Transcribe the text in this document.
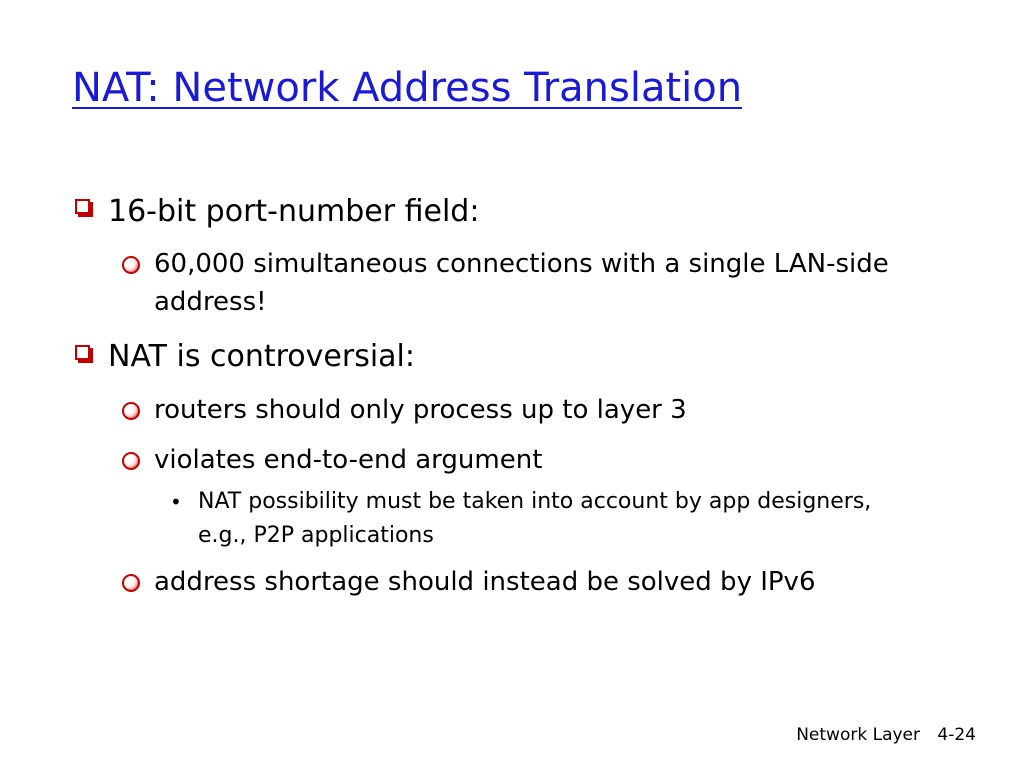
NAT: Network Address Translation

16-bit port-number field:

60,000 simultaneous connections with a single LAN-side address!

NAT is controversial:

routers should only process up to layer 3

violates end-to-end argument

• NAT possibility must be taken into account by app designers, e.g., P2P applications

address shortage should instead be solved by IPv6

Network Layer 4-24
